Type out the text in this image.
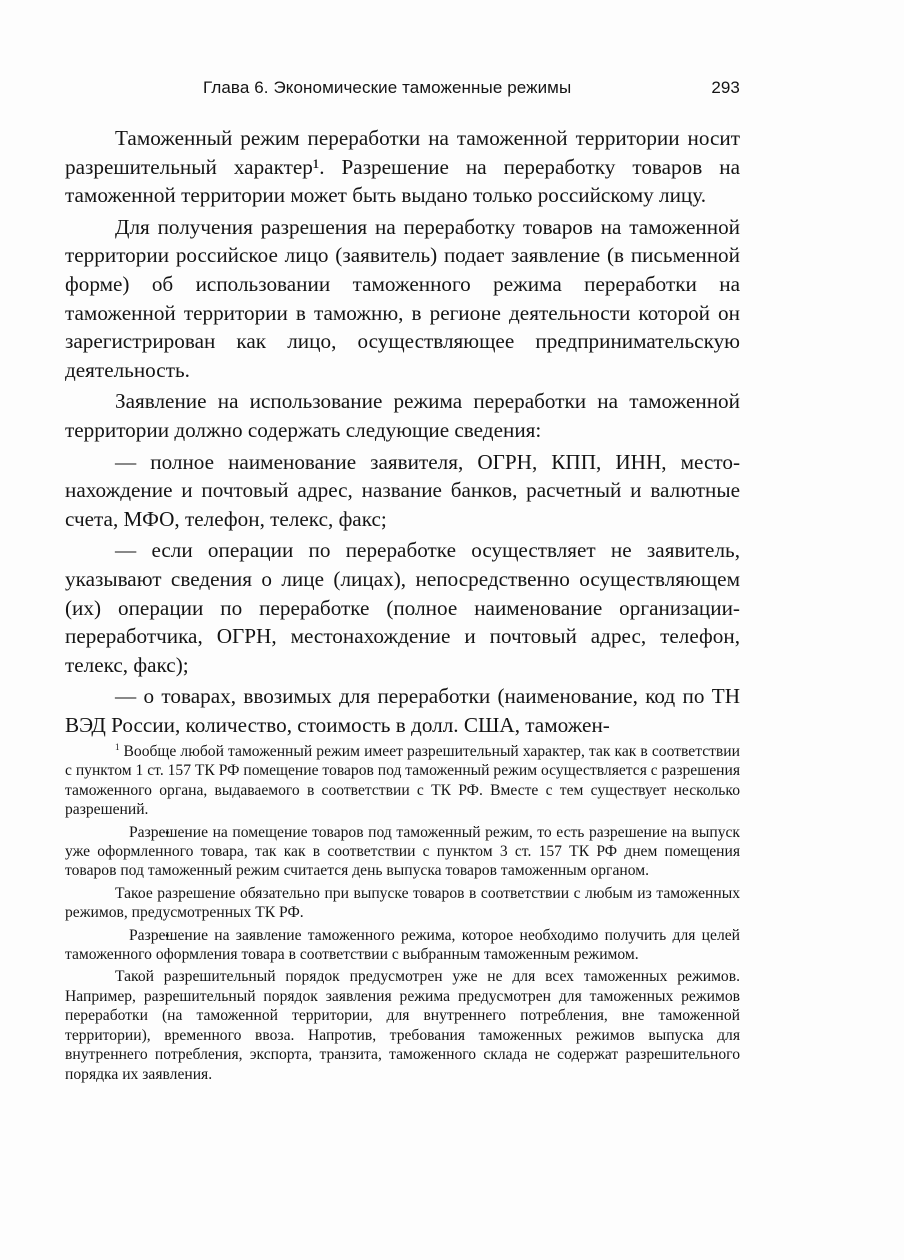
Глава 6. Экономические таможенные режимы	293

Таможенный режим переработки на таможенной территории носит разрешительный характер¹. Разрешение на переработку товаров на таможенной территории может быть выдано только российскому лицу.

Для получения разрешения на переработку товаров на таможенной территории российское лицо (заявитель) подает заявление (в письменной форме) об использовании таможенного режима переработки на таможенной территории в таможню, в регионе деятельности которой он зарегистрирован как лицо, осуществляющее предпринимательскую деятельность.

Заявление на использование режима переработки на таможенной территории должно содержать следующие сведения:

— полное наименование заявителя, ОГРН, КПП, ИНН, местонахождение и почтовый адрес, название банков, расчетный и валютные счета, МФО, телефон, телекс, факс;

— если операции по переработке осуществляет не заявитель, указывают сведения о лице (лицах), непосредственно осуществляющем (их) операции по переработке (полное наименование организации-переработчика, ОГРН, местонахождение и почтовый адрес, телефон, телекс, факс);

— о товарах, ввозимых для переработки (наименование, код по ТН ВЭД России, количество, стоимость в долл. США, таможен-

$^1$ Вообще любой таможенный режим имеет разрешительный характер, так как в соответствии с пунктом 1 ст. 157 ТК РФ помещение товаров под таможенный режим осуществляется с разрешения таможенного органа, выдаваемого в соответствии с ТК РФ. Вместе с тем существует несколько разрешений.

•Разрешение на помещение товаров под таможенный режим, то есть разрешение на выпуск уже оформленного товара, так как в соответствии с пунктом 3 ст. 157 ТК РФ днем помещения товаров под таможенный режим считается день выпуска товаров таможенным органом.

Такое разрешение обязательно при выпуске товаров в соответствии с любым из таможенных режимов, предусмотренных ТК РФ.

•Разрешение на заявление таможенного режима, которое необходимо получить для целей таможенного оформления товара в соответствии с выбранным таможенным режимом.

Такой разрешительный порядок предусмотрен уже не для всех таможенных режимов. Например, разрешительный порядок заявления режима предусмотрен для таможенных режимов переработки (на таможенной территории, для внутреннего потребления, вне таможенной территории), временного ввоза. Напротив, требования таможенных режимов выпуска для внутреннего потребления, экспорта, транзита, таможенного склада не содержат разрешительного порядка их заявления.
